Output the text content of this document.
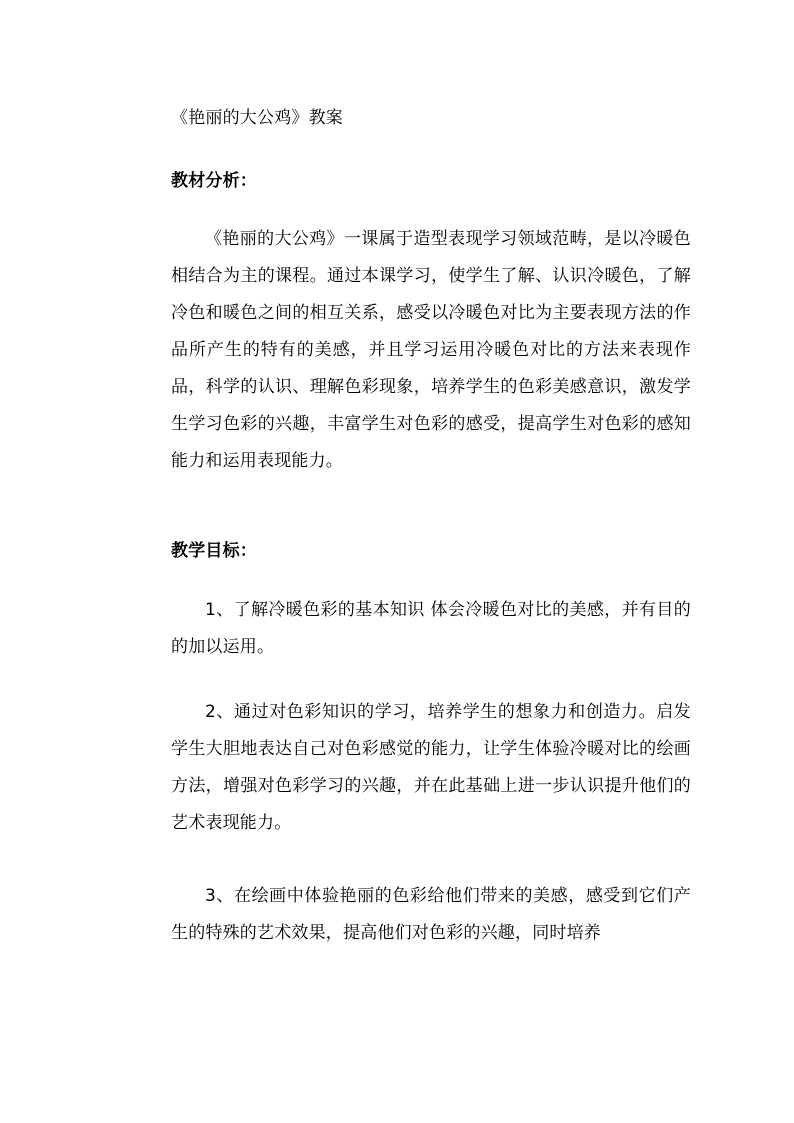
《艳丽的大公鸡》教案
教材分析：
《艳丽的大公鸡》一课属于造型表现学习领域范畴，是以冷暖色相结合为主的课程。通过本课学习，使学生了解、认识冷暖色，了解冷色和暖色之间的相互关系，感受以冷暖色对比为主要表现方法的作品所产生的特有的美感，并且学习运用冷暖色对比的方法来表现作品，科学的认识、理解色彩现象，培养学生的色彩美感意识，激发学生学习色彩的兴趣，丰富学生对色彩的感受，提高学生对色彩的感知能力和运用表现能力。
教学目标：
1、了解冷暖色彩的基本知识 体会冷暖色对比的美感，并有目的的加以运用。
2、通过对色彩知识的学习，培养学生的想象力和创造力。启发学生大胆地表达自己对色彩感觉的能力，让学生体验冷暖对比的绘画方法，增强对色彩学习的兴趣，并在此基础上进一步认识提升他们的艺术表现能力。
3、在绘画中体验艳丽的色彩给他们带来的美感，感受到它们产生的特殊的艺术效果，提高他们对色彩的兴趣，同时培养
